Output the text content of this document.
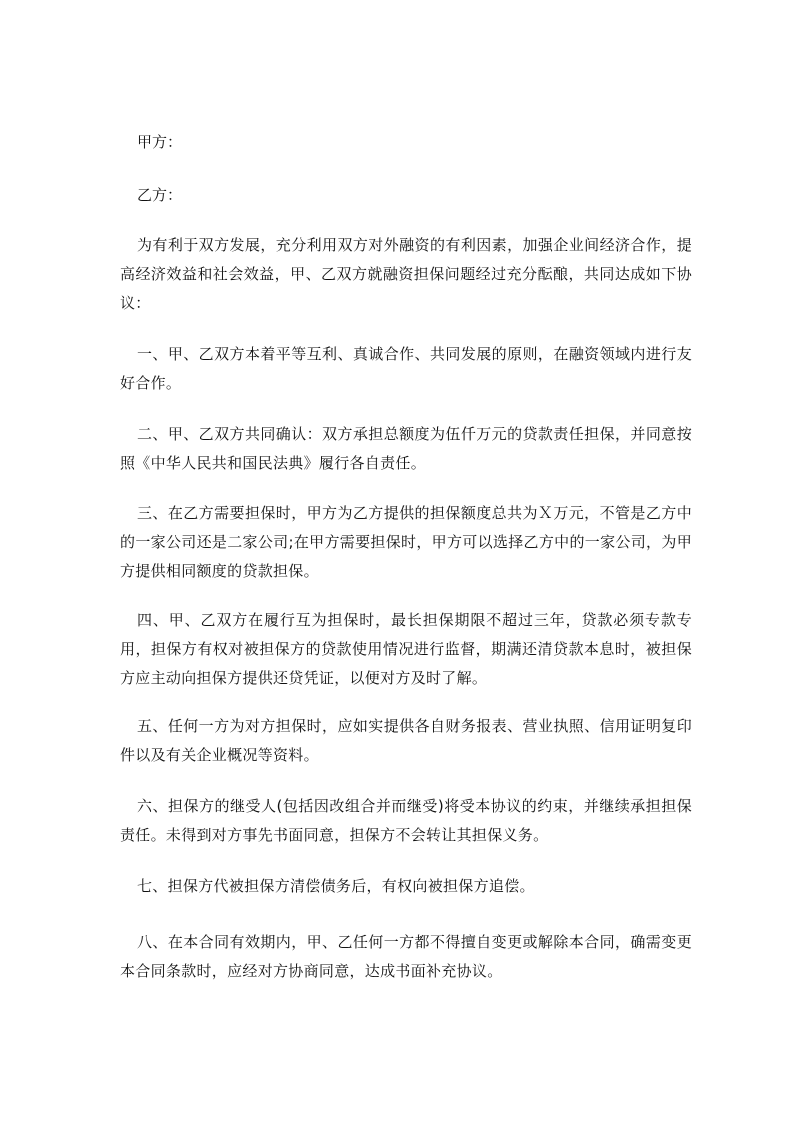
甲方：
乙方：

为有利于双方发展，充分利用双方对外融资的有利因素，加强企业间经济合作，提高经济效益和社会效益，甲、乙双方就融资担保问题经过充分酝酿，共同达成如下协议：

一、甲、乙双方本着平等互利、真诚合作、共同发展的原则，在融资领域内进行友好合作。

二、甲、乙双方共同确认：双方承担总额度为伍仟万元的贷款责任担保，并同意按照《中华人民共和国民法典》履行各自责任。

三、在乙方需要担保时，甲方为乙方提供的担保额度总共为Ｘ万元，不管是乙方中的一家公司还是二家公司;在甲方需要担保时，甲方可以选择乙方中的一家公司，为甲方提供相同额度的贷款担保。

四、甲、乙双方在履行互为担保时，最长担保期限不超过三年，贷款必须专款专用，担保方有权对被担保方的贷款使用情况进行监督，期满还清贷款本息时，被担保方应主动向担保方提供还贷凭证，以便对方及时了解。

五、任何一方为对方担保时，应如实提供各自财务报表、营业执照、信用证明复印件以及有关企业概况等资料。

六、担保方的继受人(包括因改组合并而继受)将受本协议的约束，并继续承担担保责任。未得到对方事先书面同意，担保方不会转让其担保义务。

七、担保方代被担保方清偿债务后，有权向被担保方追偿。

八、在本合同有效期内，甲、乙任何一方都不得擅自变更或解除本合同，确需变更本合同条款时，应经对方协商同意，达成书面补充协议。
